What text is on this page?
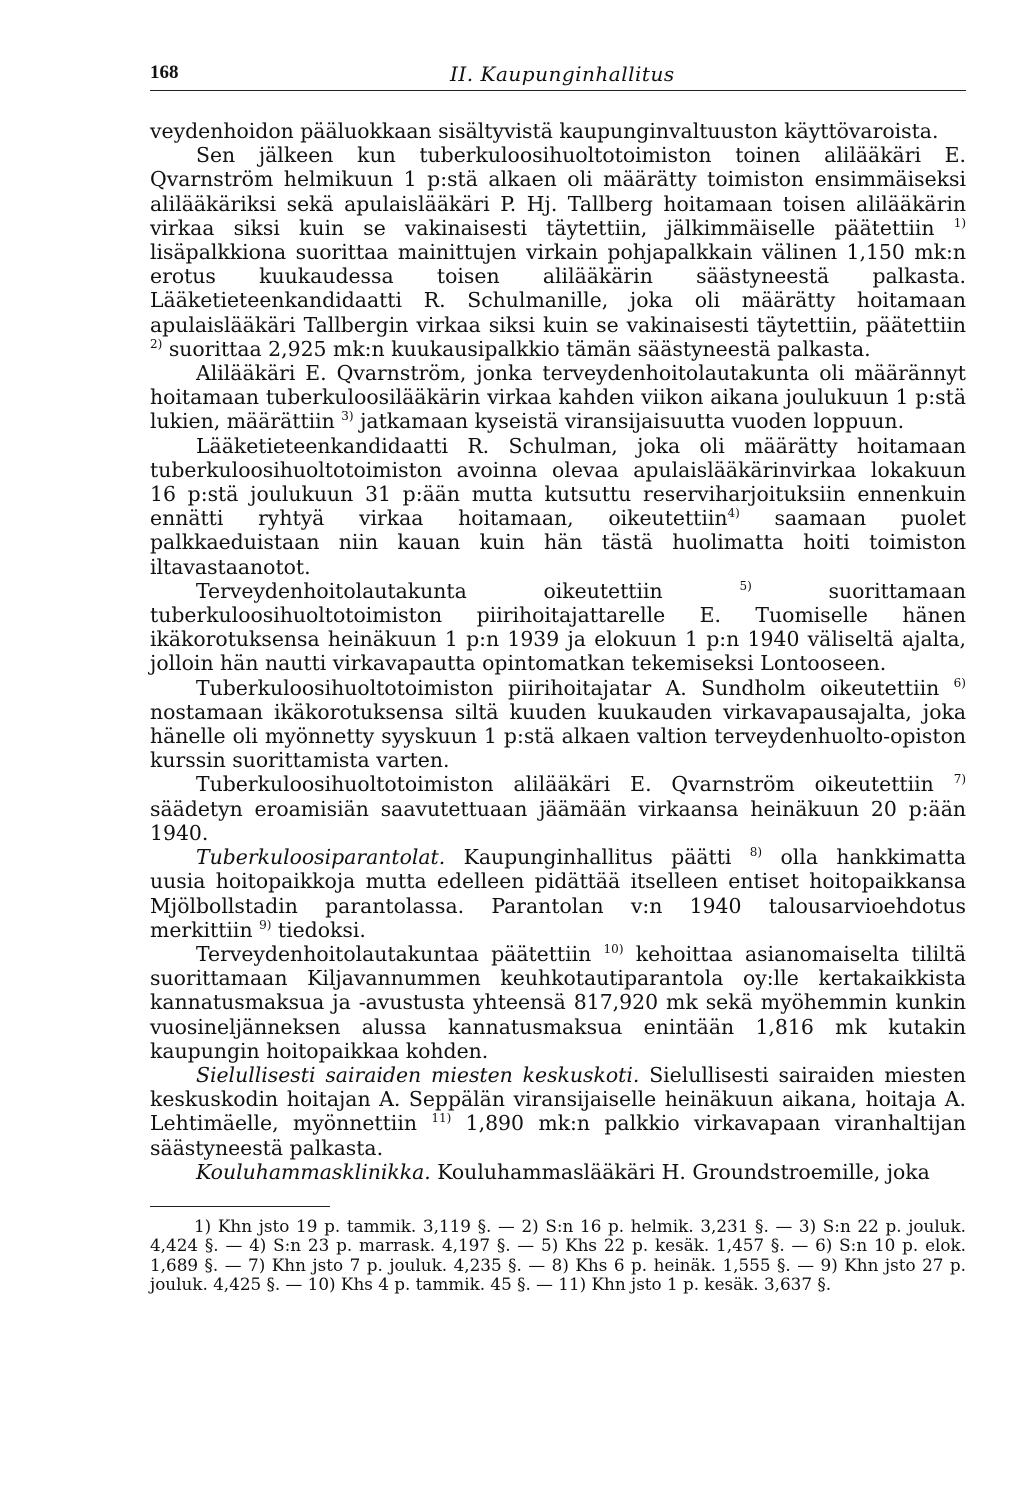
168	II. Kaupunginhallitus

veydenhoidon pääluokkaan sisältyvistä kaupunginvaltuuston käyttövaroista.

Sen jälkeen kun tuberkuloosihuoltotoimiston toinen alilääkäri E. Qvarnström helmikuun 1 p:stä alkaen oli määrätty toimiston ensimmäiseksi alilääkäriksi sekä apulaislääkäri P. Hj. Tallberg hoitamaan toisen alilääkärin virkaa siksi kuin se vakinaisesti täytettiin, jälkimmäiselle päätettiin $^{1)}$ lisäpalkkiona suorittaa mainittujen virkain pohjapalkkain välinen 1,150 mk:n erotus kuukaudessa toisen alilääkärin säästyneestä palkasta. Lääketieteenkandidaatti R. Schulmanille, joka oli määrätty hoitamaan apulaislääkäri Tallbergin virkaa siksi kuin se vakinaisesti täytettiin, päätettiin $^{2)}$ suorittaa 2,925 mk:n kuukausipalkkio tämän säästyneestä palkasta.

Alilääkäri E. Qvarnström, jonka terveydenhoitolautakunta oli määrännyt hoitamaan tuberkuloosilääkärin virkaa kahden viikon aikana joulukuun 1 p:stä lukien, määrättiin $^{3)}$ jatkamaan kyseistä viransijaisuutta vuoden loppuun.

Lääketieteenkandidaatti R. Schulman, joka oli määrätty hoitamaan tuberkuloosihuoltotoimiston avoinna olevaa apulaislääkärinvirkaa lokakuun 16 p:stä joulukuun 31 p:ään mutta kutsuttu reserviharjoituksiin ennenkuin ennätti ryhtyä virkaa hoitamaan, oikeutettiin$^{4)}$ saamaan puolet palkkaeduistaan niin kauan kuin hän tästä huolimatta hoiti toimiston iltavastaanotot.

Terveydenhoitolautakunta oikeutettiin	$^{5)}$	suorittamaan tuberkuloosihuoltotoimiston piirihoitajattarelle E. Tuomiselle hänen ikäkorotuksensa heinäkuun 1 p:n 1939 ja elokuun 1 p:n 1940 väliseltä ajalta, jolloin hän nautti virkavapautta opintomatkan tekemiseksi Lontooseen.

Tuberkuloosihuoltotoimiston piirihoitajatar A. Sundholm oikeutettiin $^{6)}$ nostamaan ikäkorotuksensa siltä kuuden kuukauden virkavapausajalta, joka hänelle oli myönnetty syyskuun 1 p:stä alkaen valtion terveydenhuolto-opiston kurssin suorittamista varten.

Tuberkuloosihuoltotoimiston alilääkäri E. Qvarnström oikeutettiin $^{7)}$ säädetyn eroamisiän saavutettuaan jäämään virkaansa heinäkuun 20 p:ään 1940.

Tuberkuloosiparantolat. Kaupunginhallitus päätti $^{8)}$ olla hankkimatta uusia hoitopaikkoja mutta edelleen pidättää itselleen entiset hoitopaikkansa Mjölbollstadin parantolassa. Parantolan v:n 1940 talousarvioehdotus merkittiin $^{9)}$ tiedoksi.

Terveydenhoitolautakuntaa päätettiin $^{10)}$ kehoittaa asianomaiselta tililtä suorittamaan Kiljavannummen keuhkotautiparantola oy:lle kertakaikkista kannatusmaksua ja -avustusta yhteensä 817,920 mk sekä myöhemmin kunkin vuosineljänneksen alussa kannatusmaksua enintään 1,816 mk kutakin kaupungin hoitopaikkaa kohden.

Sielullisesti sairaiden miesten keskuskoti. Sielullisesti sairaiden miesten keskuskodin hoitajan A. Seppälän viransijaiselle heinäkuun aikana, hoitaja A. Lehtimäelle, myönnettiin $^{11)}$ 1,890 mk:n palkkio virkavapaan viranhaltijan säästyneestä palkasta.

Kouluhammasklinikka. Kouluhammaslääkäri H. Groundstroemille, joka

1) Khn jsto 19 p. tammik. 3,119 §. — 2) S:n 16 p. helmik. 3,231 §. — 3) S:n 22 p. jouluk. 4,424 §. — 4) S:n 23 p. marrask. 4,197 §. — 5) Khs 22 p. kesäk. 1,457 §. — 6) S:n 10 p. elok. 1,689 §. — 7) Khn jsto 7 p. jouluk. 4,235 §. — 8) Khs 6 p. heinäk. 1,555 §. — 9) Khn jsto 27 p. jouluk. 4,425 §. — 10) Khs 4 p. tammik. 45 §. — 11) Khn jsto 1 p. kesäk. 3,637 §.
